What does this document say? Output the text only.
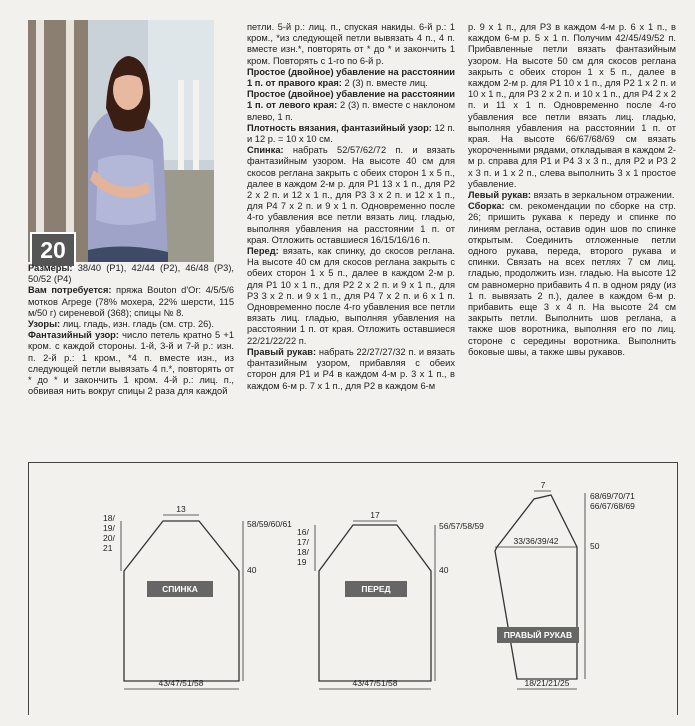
20

Размеры: 38/40 (P1), 42/44 (P2), 46/48 (P3), 50/52 (P4)

Вам потребуется: пряжа Bouton d'Or: 4/5/5/6 мотков Arpege (78% мохера, 22% шерсти, 115 м/50 г) сиреневой (368); спицы № 8.

Узоры: лиц. гладь, изн. гладь (см. стр. 26).

Фантазийный узор: число петель кратно 5 +1 кром. с каждой стороны. 1-й, 3-й и 7-й р.: изн. п. 2-й р.: 1 кром., *4 п. вместе изн., из следующей петли вывязать 4 п.*, повторять от * до * и закончить 1 кром. 4-й р.: лиц. п., обвивая нить вокруг спицы 2 раза для каждой

петли. 5-й р.: лиц. п., спуская накиды. 6-й р.: 1 кром., *из следующей петли вывязать 4 п., 4 п. вместе изн.*, повторять от * до * и закончить 1 кром. Повторять с 1-го по 6-й р.

Простое (двойное) убавление на расстоянии 1 п. от правого края: 2 (3) п. вместе лиц.

Простое (двойное) убавление на расстоянии 1 п. от левого края: 2 (3) п. вместе с наклоном влево, 1 п.

Плотность вязания, фантазийный узор: 12 п. и 12 р. = 10 х 10 см.

Спинка: набрать 52/57/62/72 п. и вязать фантазийным узором. На высоте 40 см для скосов реглана закрыть с обеих сторон 1 х 5 п., далее в каждом 2-м р. для Р1 13 х 1 п., для Р2 2 х 2 п. и 12 х 1 п., для Р3 3 х 2 п. и 12 х 1 п., для Р4 7 х 2 п. и 9 х 1 п. Одновременно после 4-го убавления все петли вязать лиц. гладью, выполняя убавления на расстоянии 1 п. от края. Отложить оставшиеся 16/15/16/16 п.

Перед: вязать, как спинку, до скосов реглана. На высоте 40 см для скосов реглана закрыть с обеих сторон 1 х 5 п., далее в каждом 2-м р. для Р1 10 х 1 п., для Р2 2 х 2 п. и 9 х 1 п., для Р3 3 х 2 п. и 9 х 1 п., для Р4 7 х 2 п. и 6 х 1 п. Одновременно после 4-го убавления все петли вязать лиц. гладью, выполняя убавления на расстоянии 1 п. от края. Отложить оставшиеся 22/21/22/22 п.

Правый рукав: набрать 22/27/27/32 п. и вязать фантазийным узором, прибавляя с обеих сторон для Р1 и Р4 в каждом 4-м р. 3 х 1 п., в каждом 6-м р. 7 х 1 п., для Р2 в каждом 6-м

р. 9 х 1 п., для Р3 в каждом 4-м р. 6 х 1 п., в каждом 6-м р. 5 х 1 п. Получим 42/45/49/52 п. Прибавленные петли вязать фантазийным узором. На высоте 50 см для скосов реглана закрыть с обеих сторон 1 х 5 п., далее в каждом 2-м р. для Р1 10 х 1 п., для Р2 1 х 2 п. и 10 х 1 п., для Р3 2 х 2 п. и 10 х 1 п., для Р4 2 х 2 п. и 11 х 1 п. Одновременно после 4-го убавления все петли вязать лиц. гладью, выполняя убавления на расстоянии 1 п. от края. На высоте 66/67/68/69 см вязать укороченными рядами, откладывая в каждом 2-м р. справа для Р1 и Р4 3 х 3 п., для Р2 и Р3 2 х 3 п. и 1 х 2 п., слева выполнить 3 х 1 простое убавление.

Левый рукав: вязать в зеркальном отражении.

Сборка: см. рекомендации по сборке на стр. 26; пришить рукава к переду и спинке по линиям реглана, оставив один шов по спинке открытым. Соединить отложенные петли одного рукава, переда, второго рукава и спинки. Связать на всех петлях 7 см лиц. гладью, продолжить изн. гладью. На высоте 12 см равномерно прибавить 4 п. в одном ряду (из 1 п. вывязать 2 п.), далее в каждом 6-м р. прибавить еще 3 х 4 п. На высоте 24 см закрыть петли. Выполнить шов реглана, а также шов воротника, выполняя его по лиц. стороне с середины воротника. Выполнить боковые швы, а также швы рукавов.

13
18/ 19/ 20/ 21
58/59/60/61
40
СПИНКА
43/47/51/58
17
16/ 17/ 18/ 19
56/57/58/59
40
ПЕРЕД
43/47/51/58
7
33/36/39/42
68/69/70/71
66/67/68/69
50
ПРАВЫЙ РУКАВ
18/21/21/25
